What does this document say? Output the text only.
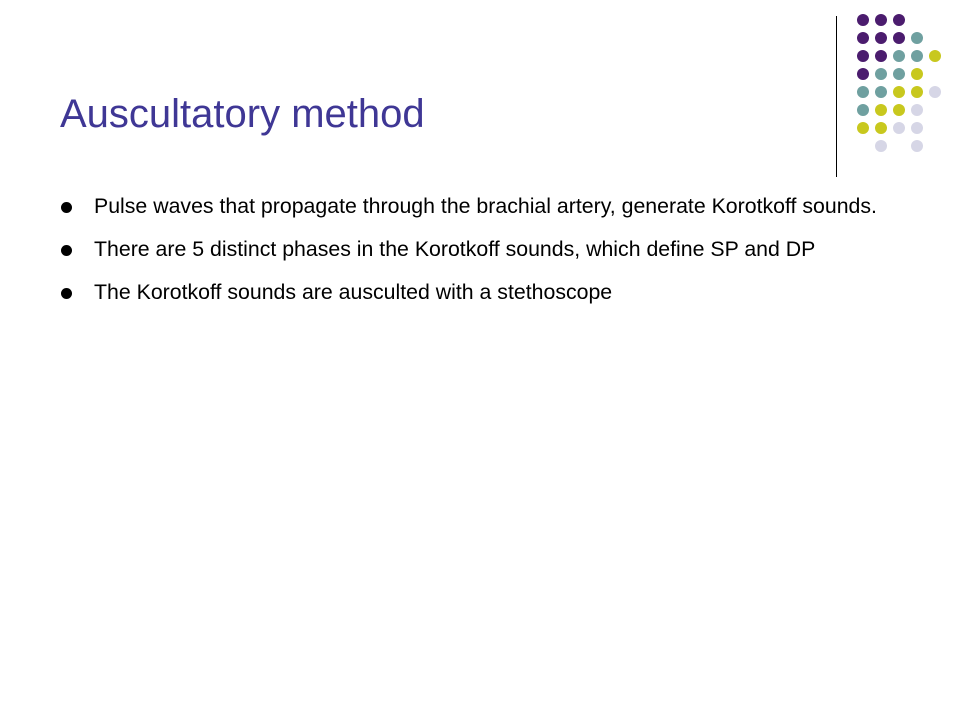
Auscultatory method
Pulse waves that propagate through the brachial artery, generate Korotkoff sounds.
There are 5 distinct phases in the Korotkoff sounds, which define SP and DP
The Korotkoff sounds are ausculted with a stethoscope
